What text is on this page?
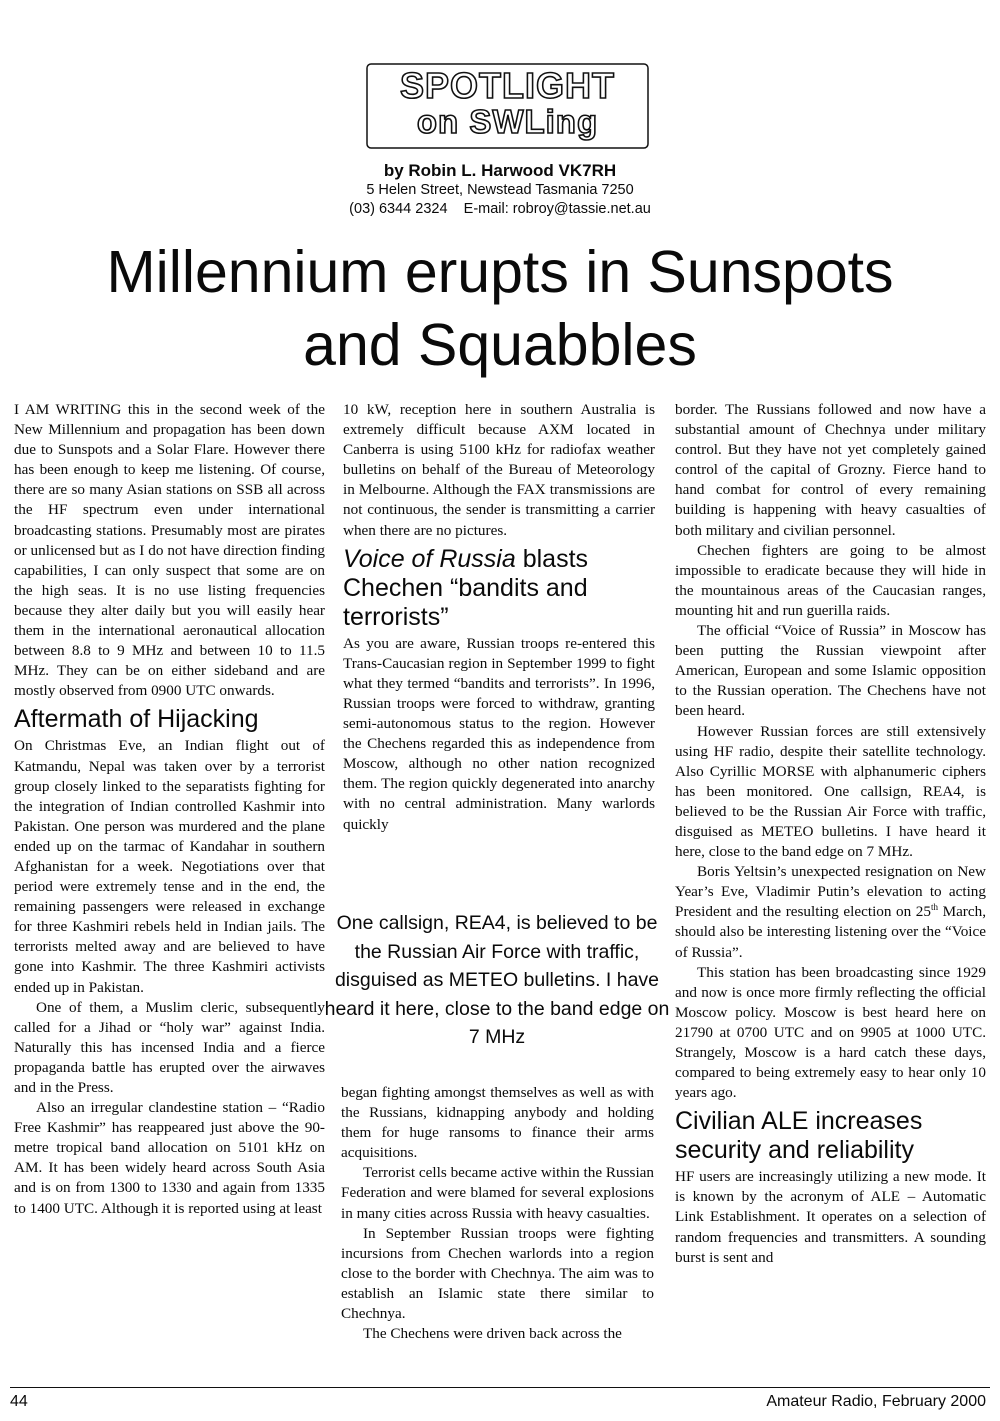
SPOTLIGHT
on SWLing
by Robin L. Harwood VK7RH
5 Helen Street, Newstead Tasmania 7250
(03) 6344 2324    E-mail: robroy@tassie.net.au
Millennium erupts in Sunspots
and Squabbles

I AM WRITING this in the second week of the New Millennium and propagation has been down due to Sunspots and a Solar Flare. However there has been enough to keep me listening. Of course, there are so many Asian stations on SSB all across the HF spectrum even under international broadcasting stations. Presumably most are pirates or unlicensed but as I do not have direction finding capabilities, I can only suspect that some are on the high seas. It is no use listing frequencies because they alter daily but you will easily hear them in the international aeronautical allocation between 8.8 to 9 MHz and between 10 to 11.5 MHz. They can be on either sideband and are mostly observed from 0900 UTC onwards.

Aftermath of Hijacking

On Christmas Eve, an Indian flight out of Katmandu, Nepal was taken over by a terrorist group closely linked to the separatists fighting for the integration of Indian controlled Kashmir into Pakistan. One person was murdered and the plane ended up on the tarmac of Kandahar in southern Afghanistan for a week. Negotiations over that period were extremely tense and in the end, the remaining passengers were released in exchange for three Kashmiri rebels held in Indian jails. The terrorists melted away and are believed to have gone into Kashmir. The three Kashmiri activists ended up in Pakistan.

One of them, a Muslim cleric, subsequently called for a Jihad or “holy war” against India. Naturally this has incensed India and a fierce propaganda battle has erupted over the airwaves and in the Press.

Also an irregular clandestine station – “Radio Free Kashmir” has reappeared just above the 90-metre tropical band allocation on 5101 kHz on AM. It has been widely heard across South Asia and is on from 1300 to 1330 and again from 1335 to 1400 UTC. Although it is reported using at least

10 kW, reception here in southern Australia is extremely difficult because AXM located in Canberra is using 5100 kHz for radiofax weather bulletins on behalf of the Bureau of Meteorology in Melbourne. Although the FAX transmissions are not continuous, the sender is transmitting a carrier when there are no pictures.

Voice of Russia blasts Chechen “bandits and terrorists”

As you are aware, Russian troops re-entered this Trans-Caucasian region in September 1999 to fight what they termed “bandits and terrorists”. In 1996, Russian troops were forced to withdraw, granting semi-autonomous status to the region. However the Chechens regarded this as independence from Moscow, although no other nation recognized them. The region quickly degenerated into anarchy with no central administration. Many warlords quickly

One callsign, REA4, is believed to be the Russian Air Force with traffic, disguised as METEO bulletins. I have heard it here, close to the band edge on 7 MHz

began fighting amongst themselves as well as with the Russians, kidnapping anybody and holding them for huge ransoms to finance their arms acquisitions.

Terrorist cells became active within the Russian Federation and were blamed for several explosions in many cities across Russia with heavy casualties.

In September Russian troops were fighting incursions from Chechen warlords into a region close to the border with Chechnya. The aim was to establish an Islamic state there similar to Chechnya.

The Chechens were driven back across the

border. The Russians followed and now have a substantial amount of Chechnya under military control. But they have not yet completely gained control of the capital of Grozny. Fierce hand to hand combat for control of every remaining building is happening with heavy casualties of both military and civilian personnel.

Chechen fighters are going to be almost impossible to eradicate because they will hide in the mountainous areas of the Caucasian ranges, mounting hit and run guerilla raids.

The official “Voice of Russia” in Moscow has been putting the Russian viewpoint after American, European and some Islamic opposition to the Russian operation. The Chechens have not been heard.

However Russian forces are still extensively using HF radio, despite their satellite technology. Also Cyrillic MORSE with alphanumeric ciphers has been monitored. One callsign, REA4, is believed to be the Russian Air Force with traffic, disguised as METEO bulletins. I have heard it here, close to the band edge on 7 MHz.

Boris Yeltsin’s unexpected resignation on New Year’s Eve, Vladimir Putin’s elevation to acting President and the resulting election on 25th March, should also be interesting listening over the “Voice of Russia”.

This station has been broadcasting since 1929 and now is once more firmly reflecting the official Moscow policy. Moscow is best heard here on 21790 at 0700 UTC and on 9905 at 1000 UTC. Strangely, Moscow is a hard catch these days, compared to being extremely easy to hear only 10 years ago.

Civilian ALE increases security and reliability

HF users are increasingly utilizing a new mode. It is known by the acronym of ALE – Automatic Link Establishment. It operates on a selection of random frequencies and transmitters. A sounding burst is sent and

44	Amateur Radio, February 2000
